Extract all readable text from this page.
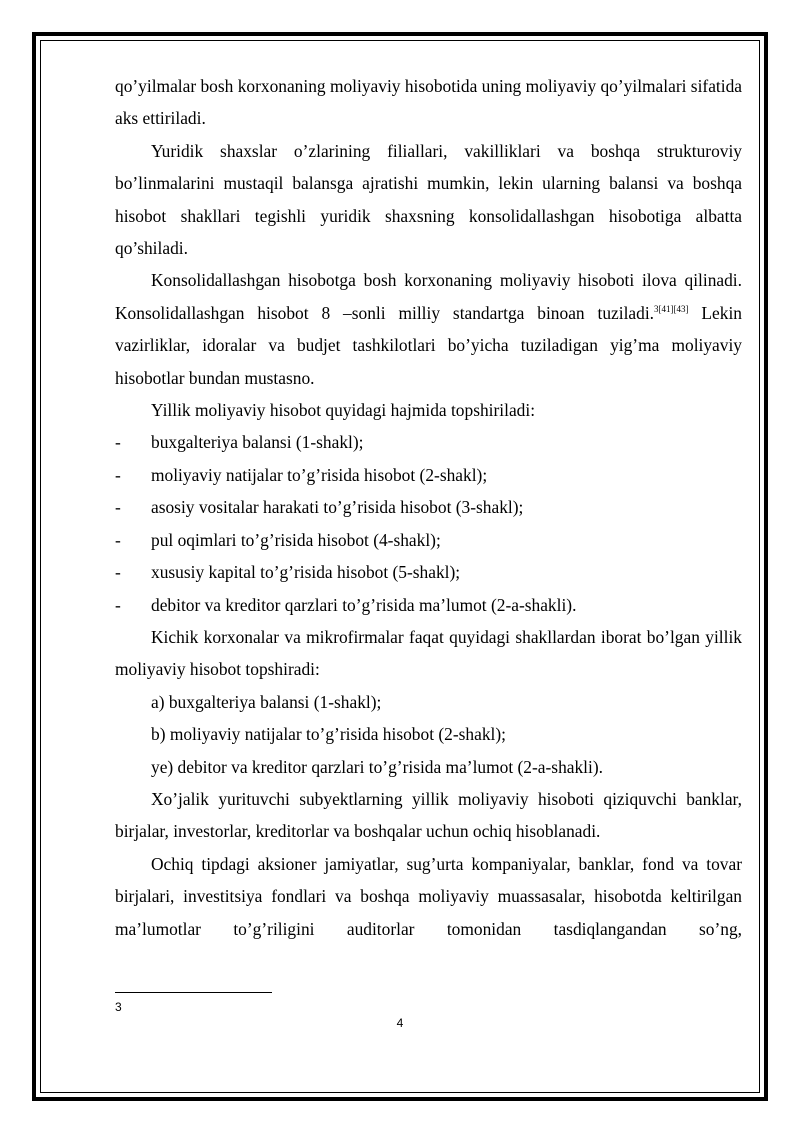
qo’yilmalar bosh korxonaning moliyaviy hisobotida uning moliyaviy qo’yilmalari sifatida aks ettiriladi.

Yuridik shaxslar o’zlarining filiallari, vakilliklari va boshqa strukturoviy bo’linmalarini mustaqil balansga ajratishi mumkin, lekin ularning balansi va boshqa hisobot shakllari tegishli yuridik shaxsning konsolidallashgan hisobotiga albatta qo’shiladi.

Konsolidallashgan hisobotga bosh korxonaning moliyaviy hisoboti ilova qilinadi. Konsolidallashgan hisobot 8 –sonli milliy standartga binoan tuziladi.$^{3[41][43]}$ Lekin vazirliklar, idoralar va budjet tashkilotlari bo’yicha tuziladigan yig’ma moliyaviy hisobotlar bundan mustasno.

Yillik moliyaviy hisobot quyidagi hajmida topshiriladi:

- buxgalteriya balansi (1-shakl);

- moliyaviy natijalar to’g’risida hisobot (2-shakl);

- asosiy vositalar harakati to’g’risida hisobot (3-shakl);

- pul oqimlari to’g’risida hisobot (4-shakl);

- xususiy kapital to’g’risida hisobot (5-shakl);

- debitor va kreditor qarzlari to’g’risida ma’lumot (2-a-shakli).

Kichik korxonalar va mikrofirmalar faqat quyidagi shakllardan iborat bo’lgan yillik moliyaviy hisobot topshiradi:

a) buxgalteriya balansi (1-shakl);

b) moliyaviy natijalar to’g’risida hisobot (2-shakl);

ye) debitor va kreditor qarzlari to’g’risida ma’lumot (2-a-shakli).

Xo’jalik yurituvchi subyektlarning yillik moliyaviy hisoboti qiziquvchi banklar, birjalar, investorlar, kreditorlar va boshqalar uchun ochiq hisoblanadi.

Ochiq tipdagi aksioner jamiyatlar, sug’urta kompaniyalar, banklar, fond va tovar birjalari, investitsiya fondlari va boshqa moliyaviy muassasalar, hisobotda keltirilgan ma’lumotlar to’g’riligini auditorlar tomonidan tasdiqlangandan so’ng,

3
4
